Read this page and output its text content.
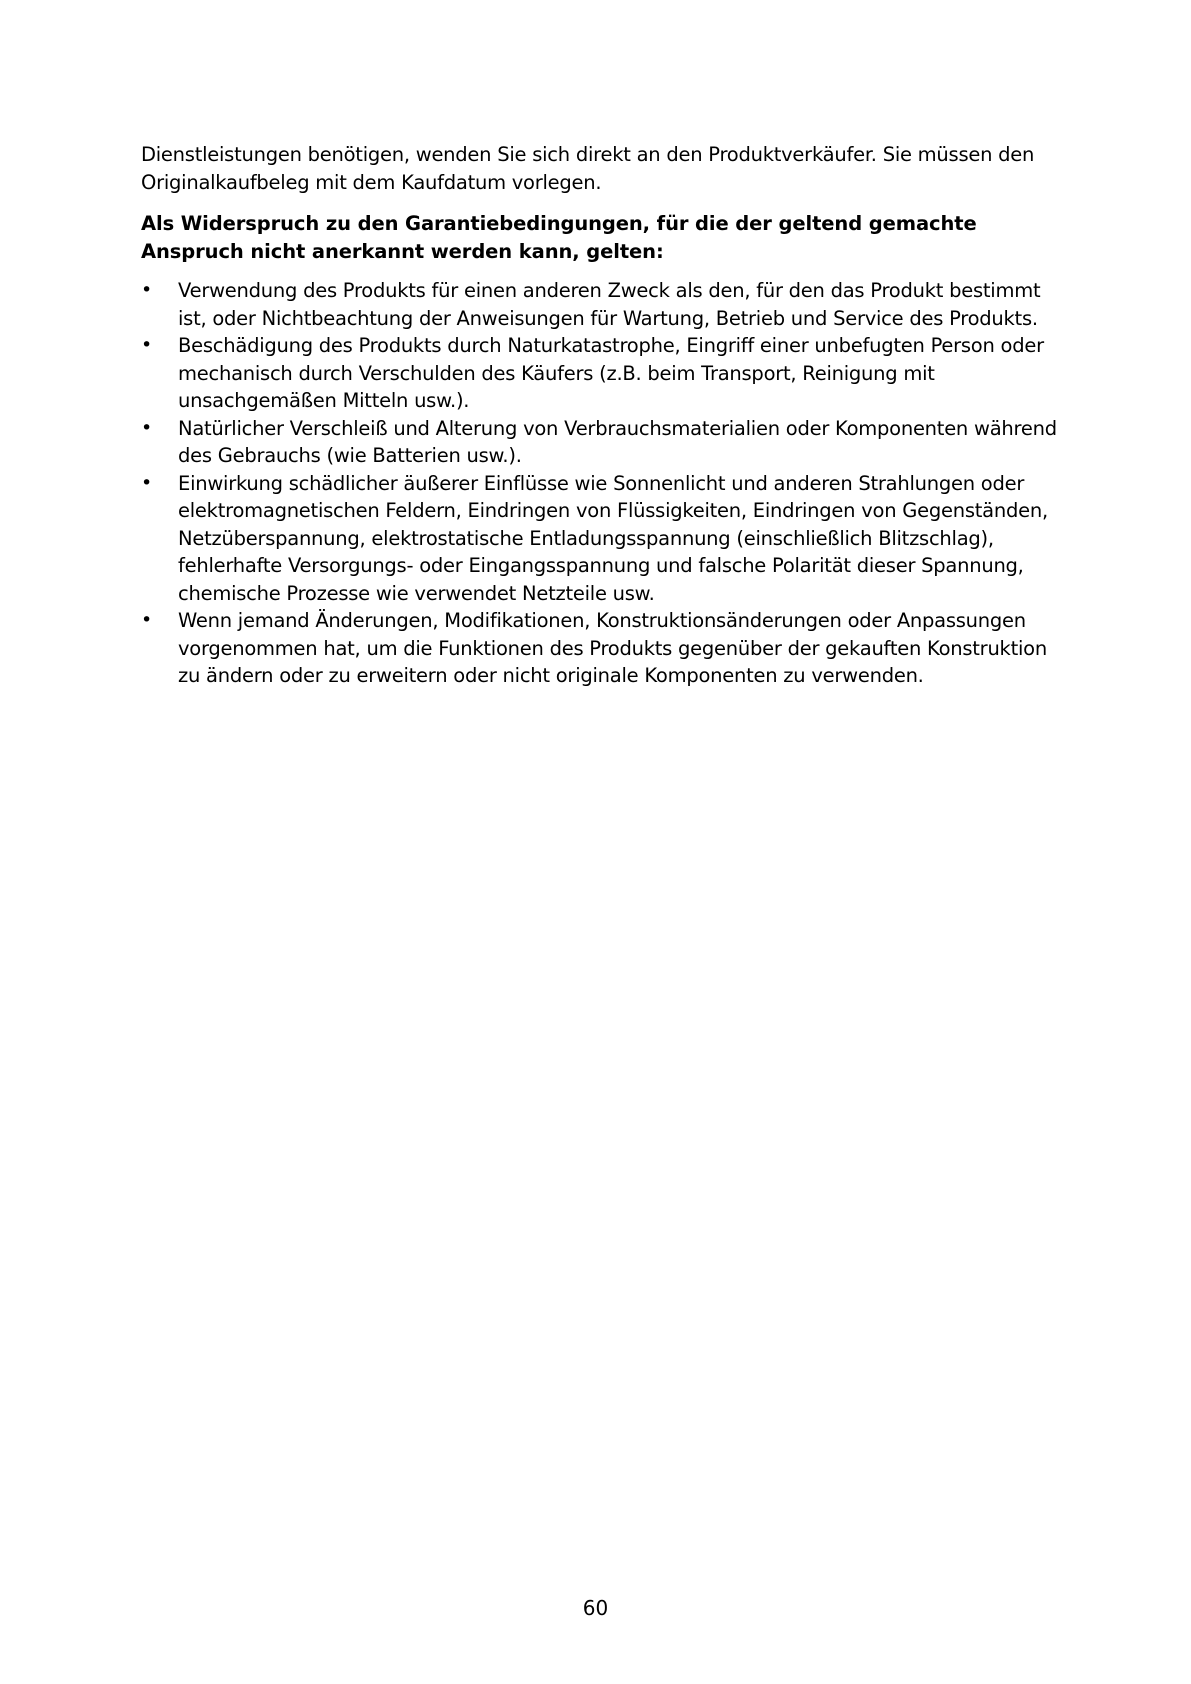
Dienstleistungen benötigen, wenden Sie sich direkt an den Produktverkäufer. Sie müssen den Originalkaufbeleg mit dem Kaufdatum vorlegen.

Als Widerspruch zu den Garantiebedingungen, für die der geltend gemachte Anspruch nicht anerkannt werden kann, gelten:

• Verwendung des Produkts für einen anderen Zweck als den, für den das Produkt bestimmt ist, oder Nichtbeachtung der Anweisungen für Wartung, Betrieb und Service des Produkts.
• Beschädigung des Produkts durch Naturkatastrophe, Eingriff einer unbefugten Person oder mechanisch durch Verschulden des Käufers (z.B. beim Transport, Reinigung mit unsachgemäßen Mitteln usw.).
• Natürlicher Verschleiß und Alterung von Verbrauchsmaterialien oder Komponenten während des Gebrauchs (wie Batterien usw.).
• Einwirkung schädlicher äußerer Einflüsse wie Sonnenlicht und anderen Strahlungen oder elektromagnetischen Feldern, Eindringen von Flüssigkeiten, Eindringen von Gegenständen, Netzüberspannung, elektrostatische Entladungsspannung (einschließlich Blitzschlag), fehlerhafte Versorgungs- oder Eingangsspannung und falsche Polarität dieser Spannung, chemische Prozesse wie verwendet Netzteile usw.
• Wenn jemand Änderungen, Modifikationen, Konstruktionsänderungen oder Anpassungen vorgenommen hat, um die Funktionen des Produkts gegenüber der gekauften Konstruktion zu ändern oder zu erweitern oder nicht originale Komponenten zu verwenden.
60
